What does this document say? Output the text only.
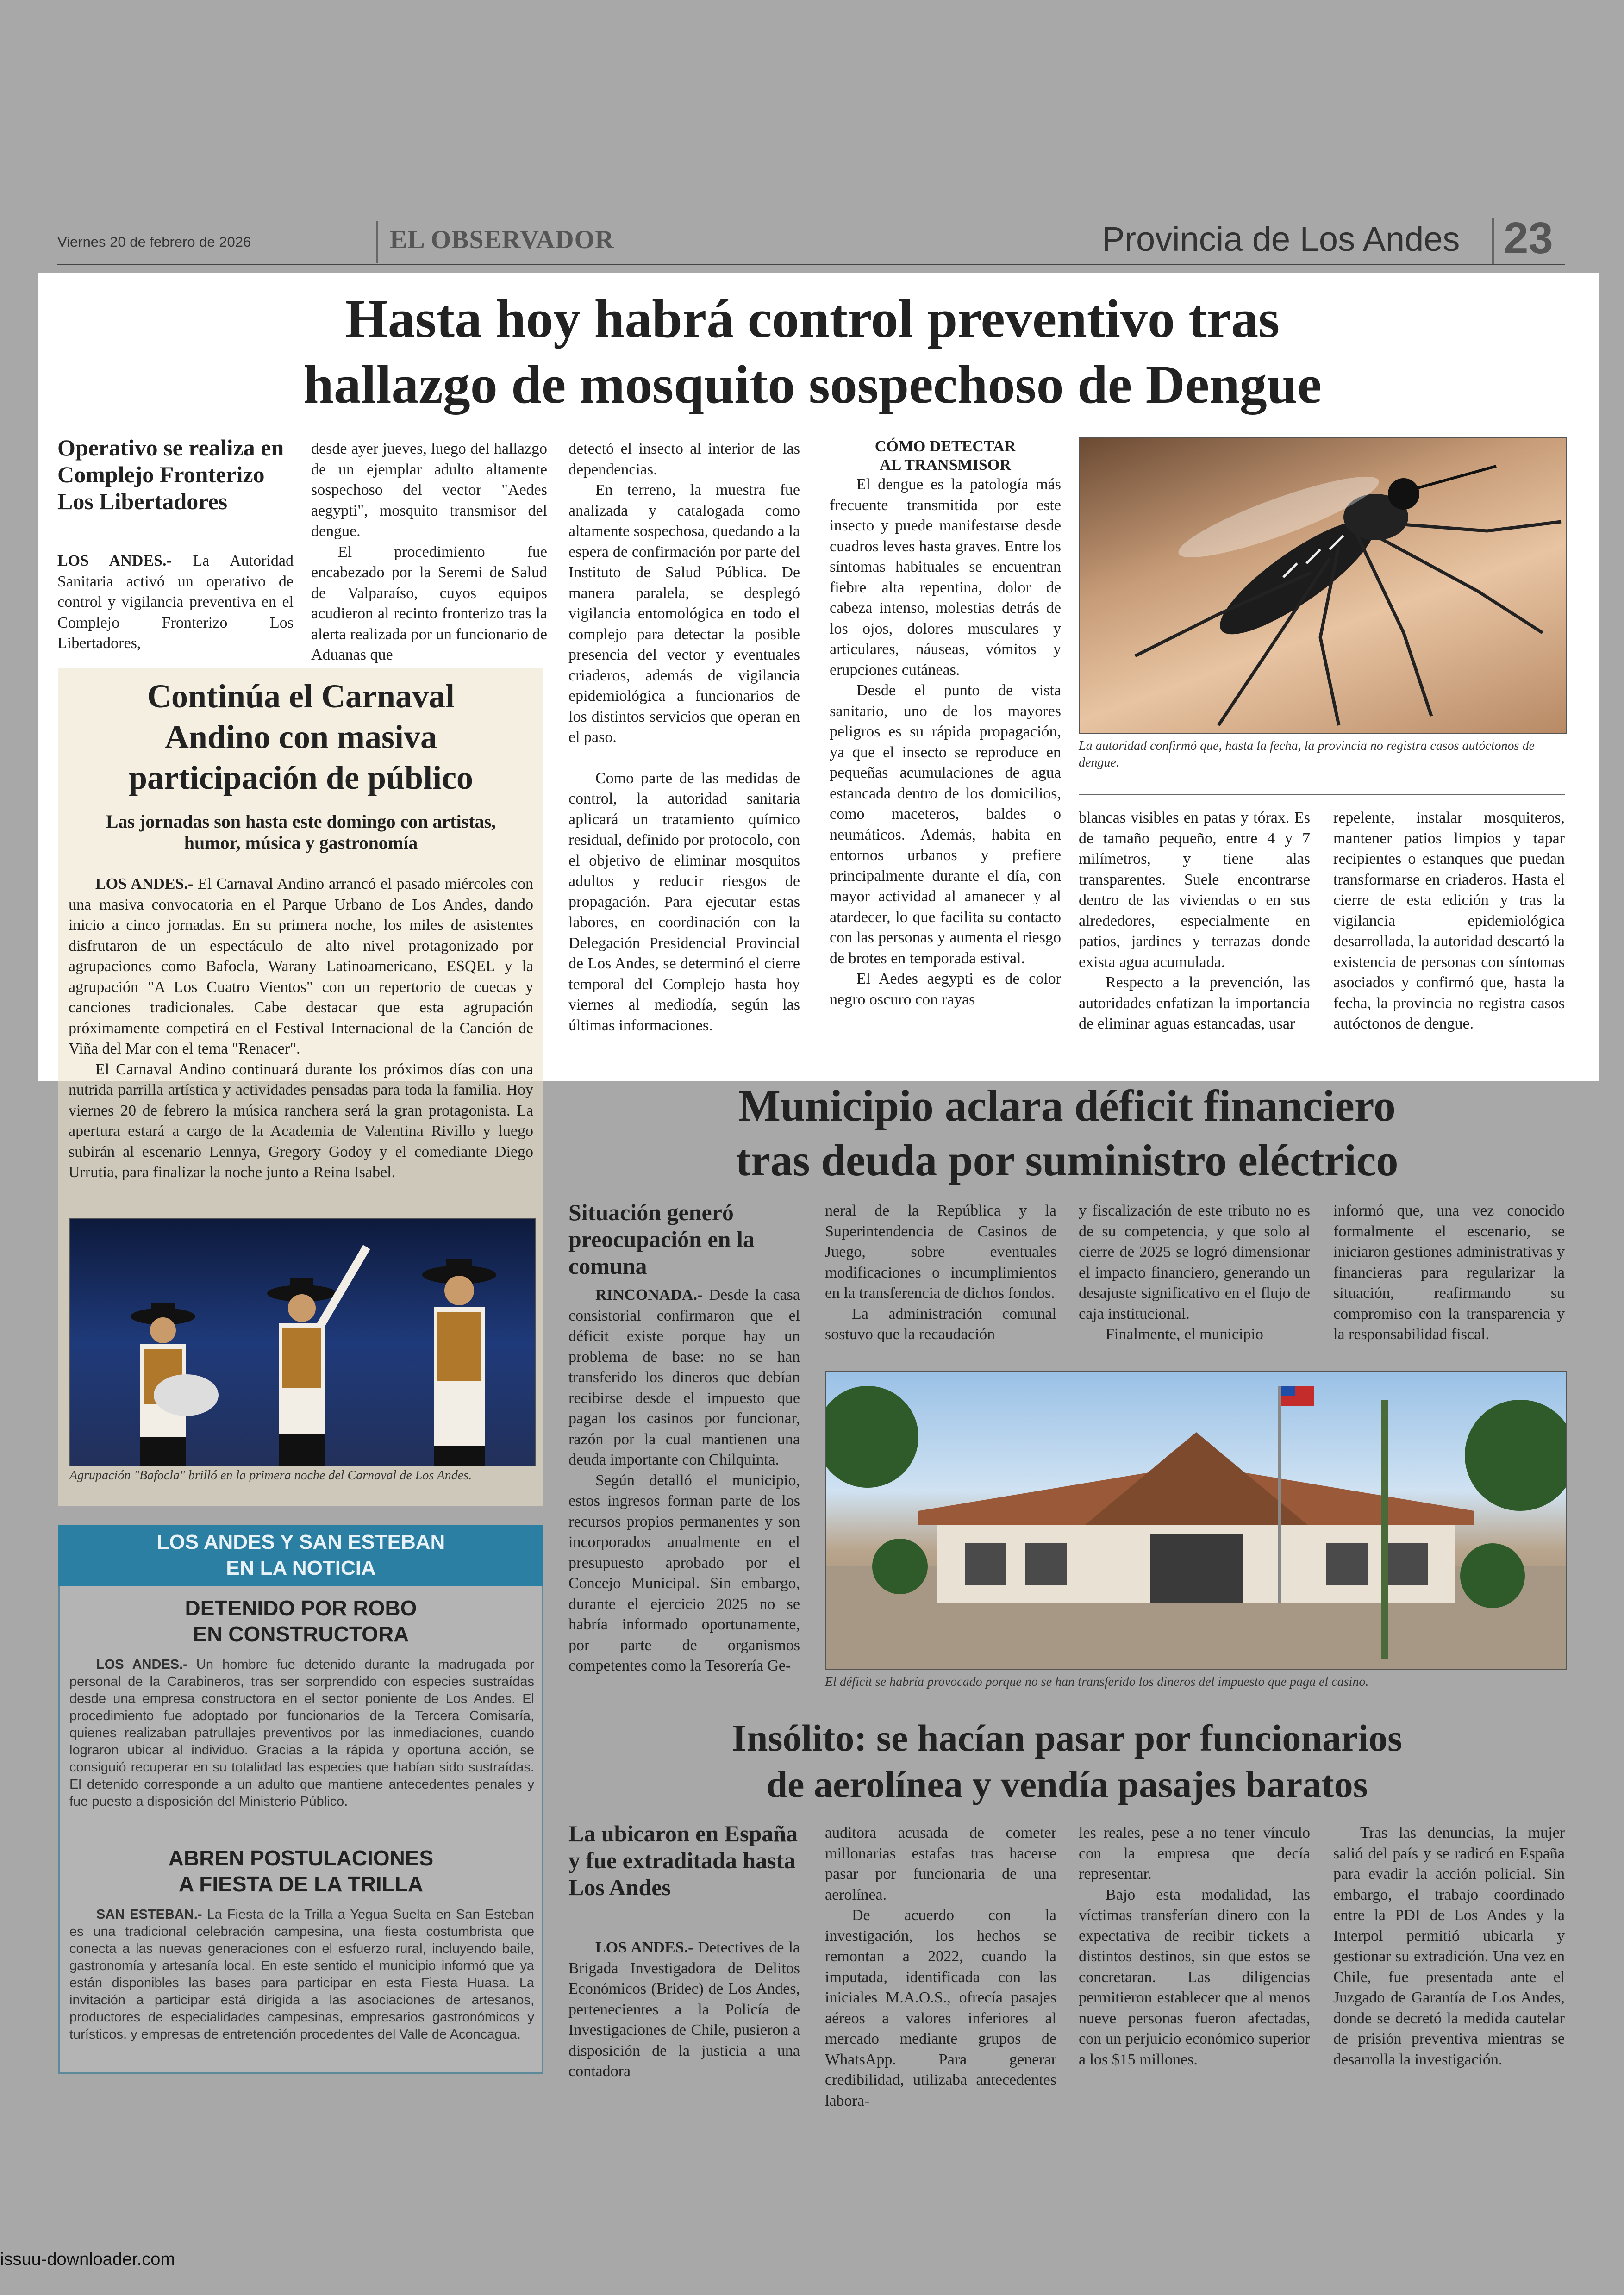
Viernes 20 de febrero de 2026	EL OBSERVADOR	Provincia de Los Andes 23
Hasta hoy habrá control preventivo tras
hallazgo de mosquito sospechoso de Dengue
Operativo se realiza en Complejo Fronterizo Los Libertadores

LOS ANDES.- La Autoridad Sanitaria activó un operativo de control y vigilancia preventiva en el Complejo Fronterizo Los Libertadores,

desde ayer jueves, luego del hallazgo de un ejemplar adulto altamente sospechoso del vector "Aedes aegypti", mosquito transmisor del dengue.

El procedimiento fue encabezado por la Seremi de Salud de Valparaíso, cuyos equipos acudieron al recinto fronterizo tras la alerta realizada por un funcionario de Aduanas que

detectó el insecto al interior de las dependencias.

En terreno, la muestra fue analizada y catalogada como altamente sospechosa, quedando a la espera de confirmación por parte del Instituto de Salud Pública. De manera paralela, se desplegó vigilancia entomológica en todo el complejo para detectar la posible presencia del vector y eventuales criaderos, además de vigilancia epidemiológica a funcionarios de los distintos servicios que operan en el paso.

Como parte de las medidas de control, la autoridad sanitaria aplicará un tratamiento químico residual, definido por protocolo, con el objetivo de eliminar mosquitos adultos y reducir riesgos de propagación. Para ejecutar estas labores, en coordinación con la Delegación Presidencial Provincial de Los Andes, se determinó el cierre temporal del Complejo hasta hoy viernes al mediodía, según las últimas informaciones.

CÓMO DETECTAR
AL TRANSMISOR

El dengue es la patología más frecuente transmitida por este insecto y puede manifestarse desde cuadros leves hasta graves. Entre los síntomas habituales se encuentran fiebre alta repentina, dolor de cabeza intenso, molestias detrás de los ojos, dolores musculares y articulares, náuseas, vómitos y erupciones cutáneas.

Desde el punto de vista sanitario, uno de los mayores peligros es su rápida propagación, ya que el insecto se reproduce en pequeñas acumulaciones de agua estancada dentro de los domicilios, como maceteros, baldes o neumáticos. Además, habita en entornos urbanos y prefiere principalmente durante el día, con mayor actividad al amanecer y al atardecer, lo que facilita su contacto con las personas y aumenta el riesgo de brotes en temporada estival.

El Aedes aegypti es de color negro oscuro con rayas

La autoridad confirmó que, hasta la fecha, la provincia no registra casos autóctonos de dengue.

blancas visibles en patas y tórax. Es de tamaño pequeño, entre 4 y 7 milímetros, y tiene alas transparentes. Suele encontrarse dentro de las viviendas o en sus alrededores, especialmente en patios, jardines y terrazas donde exista agua acumulada.

Respecto a la prevención, las autoridades enfatizan la importancia de eliminar aguas estancadas, usar

repelente, instalar mosquiteros, mantener patios limpios y tapar recipientes o estanques que puedan transformarse en criaderos. Hasta el cierre de esta edición y tras la vigilancia epidemiológica desarrollada, la autoridad descartó la existencia de personas con síntomas asociados y confirmó que, hasta la fecha, la provincia no registra casos autóctonos de dengue.

Continúa el Carnaval Andino con masiva participación de público
Las jornadas son hasta este domingo con artistas, humor, música y gastronomía

LOS ANDES.- El Carnaval Andino arrancó el pasado miércoles con una masiva convocatoria en el Parque Urbano de Los Andes, dando inicio a cinco jornadas. En su primera noche, los miles de asistentes disfrutaron de un espectáculo de alto nivel protagonizado por agrupaciones como Bafocla, Warany Latinoamericano, ESQEL y la agrupación "A Los Cuatro Vientos" con un repertorio de cuecas y canciones tradicionales. Cabe destacar que esta agrupación próximamente competirá en el Festival Internacional de la Canción de Viña del Mar con el tema "Renacer".

El Carnaval Andino continuará durante los próximos días con una nutrida parrilla artística y actividades pensadas para toda la familia. Hoy viernes 20 de febrero la música ranchera será la gran protagonista. La apertura estará a cargo de la Academia de Valentina Rivillo y luego subirán al escenario Lennya, Gregory Godoy y el comediante Diego Urrutia, para finalizar la noche junto a Reina Isabel.

Agrupación "Bafocla" brilló en la primera noche del Carnaval de Los Andes.
LOS ANDES Y SAN ESTEBAN
EN LA NOTICIA
DETENIDO POR ROBO
EN CONSTRUCTORA
LOS ANDES.- Un hombre fue detenido durante la madrugada por personal de la Carabineros, tras ser sorprendido con especies sustraídas desde una empresa constructora en el sector poniente de Los Andes. El procedimiento fue adoptado por funcionarios de la Tercera Comisaría, quienes realizaban patrullajes preventivos por las inmediaciones, cuando lograron ubicar al individuo. Gracias a la rápida y oportuna acción, se consiguió recuperar en su totalidad las especies que habían sido sustraídas. El detenido corresponde a un adulto que mantiene antecedentes penales y fue puesto a disposición del Ministerio Público.
ABREN POSTULACIONES
A FIESTA DE LA TRILLA
SAN ESTEBAN.- La Fiesta de la Trilla a Yegua Suelta en San Esteban es una tradicional celebración campesina, una fiesta costumbrista que conecta a las nuevas generaciones con el esfuerzo rural, incluyendo baile, gastronomía y artesanía local. En este sentido el municipio informó que ya están disponibles las bases para participar en esta Fiesta Huasa. La invitación a participar está dirigida a las asociaciones de artesanos, productores de especialidades campesinas, empresarios gastronómicos y turísticos, y empresas de entretención procedentes del Valle de Aconcagua.
Municipio aclara déficit financiero
tras deuda por suministro eléctrico
Situación generó preocupación en la comuna

RINCONADA.- Desde la casa consistorial confirmaron que el déficit existe porque hay un problema de base: no se han transferido los dineros que debían recibirse desde el impuesto que pagan los casinos por funcionar, razón por la cual mantienen una deuda importante con Chilquinta.

Según detalló el municipio, estos ingresos forman parte de los recursos propios permanentes y son incorporados anualmente en el presupuesto aprobado por el Concejo Municipal. Sin embargo, durante el ejercicio 2025 no se habría informado oportunamente, por parte de organismos competentes como la Tesorería Ge-

neral de la República y la Superintendencia de Casinos de Juego, sobre eventuales modificaciones o incumplimientos en la transferencia de dichos fondos.

La administración comunal sostuvo que la recaudación

y fiscalización de este tributo no es de su competencia, y que solo al cierre de 2025 se logró dimensionar el impacto financiero, generando un desajuste significativo en el flujo de caja institucional.

Finalmente, el municipio

informó que, una vez conocido formalmente el escenario, se iniciaron gestiones administrativas y financieras para regularizar la situación, reafirmando su compromiso con la transparencia y la responsabilidad fiscal.

El déficit se habría provocado porque no se han transferido los dineros del impuesto que paga el casino.
Insólito: se hacían pasar por funcionarios
de aerolínea y vendía pasajes baratos
La ubicaron en España y fue extraditada hasta Los Andes

LOS ANDES.- Detectives de la Brigada Investigadora de Delitos Económicos (Bridec) de Los Andes, pertenecientes a la Policía de Investigaciones de Chile, pusieron a disposición de la justicia a una contadora

auditora acusada de cometer millonarias estafas tras hacerse pasar por funcionaria de una aerolínea.

De acuerdo con la investigación, los hechos se remontan a 2022, cuando la imputada, identificada con las iniciales M.A.O.S., ofrecía pasajes aéreos a valores inferiores al mercado mediante grupos de WhatsApp. Para generar credibilidad, utilizaba antecedentes labora-

les reales, pese a no tener vínculo con la empresa que decía representar.

Bajo esta modalidad, las víctimas transferían dinero con la expectativa de recibir tickets a distintos destinos, sin que estos se concretaran. Las diligencias permitieron establecer que al menos nueve personas fueron afectadas, con un perjuicio económico superior a los $15 millones.

Tras las denuncias, la mujer salió del país y se radicó en España para evadir la acción policial. Sin embargo, el trabajo coordinado entre la PDI de Los Andes y la Interpol permitió ubicarla y gestionar su extradición. Una vez en Chile, fue presentada ante el Juzgado de Garantía de Los Andes, donde se decretó la medida cautelar de prisión preventiva mientras se desarrolla la investigación.

issuu-downloader.com
